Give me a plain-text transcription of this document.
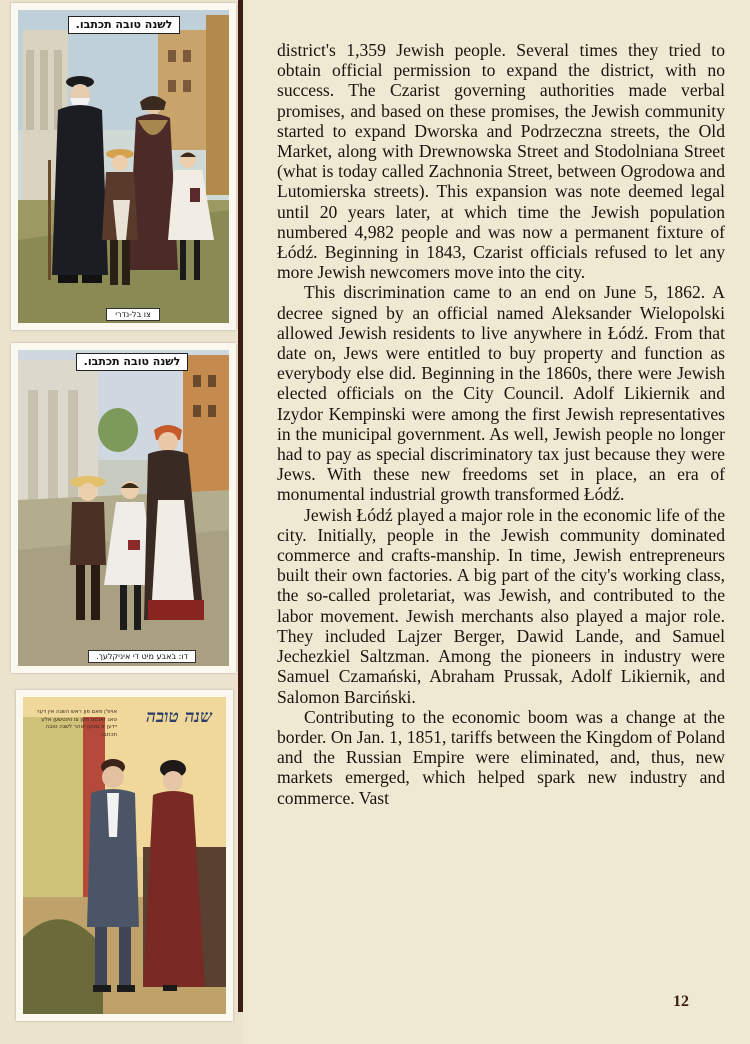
לשנה טובה תכתבו.
צו בל-נדרי
לשנה טובה תכתבו.
דו: באבע מיט די איניקלעך.
אויפ'ן פאם פון ראש השנה אין דער טאג זאגסט מען צו ווינטשען אלע יידען א גוטען יאהר לשנה טובה תכתבו
שנה טובה

district's 1,359 Jewish people. Several times they tried to obtain official permission to expand the district, with no success. The Czarist governing authorities made verbal promises, and based on these promises, the Jewish community started to expand Dworska and Podrzeczna streets, the Old Market, along with Drewnowska Street and Stodolniana Street (what is today called Zachnonia Street, between Ogrodowa and Lutomierska streets). This expansion was note deemed legal until 20 years later, at which time the Jewish population numbered 4,982 people and was now a permanent fixture of Łódź. Beginning in 1843, Czarist officials refused to let any more Jewish newcomers move into the city.

This discrimination came to an end on June 5, 1862. A decree signed by an official named Aleksander Wielopolski allowed Jewish residents to live anywhere in Łódź. From that date on, Jews were entitled to buy property and function as everybody else did. Beginning in the 1860s, there were Jewish elected officials on the City Council. Adolf Likiernik and Izydor Kempinski were among the first Jewish representatives in the municipal government. As well, Jewish people no longer had to pay as special discriminatory tax just because they were Jews. With these new freedoms set in place, an era of monumental industrial growth transformed Łódź.

Jewish Łódź played a major role in the economic life of the city. Initially, people in the Jewish community dominated commerce and crafts-manship. In time, Jewish entrepreneurs built their own factories. A big part of the city's working class, the so-called proletariat, was Jewish, and contributed to the labor movement. Jewish merchants also played a major role. They included Lajzer Berger, Dawid Lande, and Samuel Jechezkiel Saltzman. Among the pioneers in industry were Samuel Czamański, Abraham Prussak, Adolf Likiernik, and Salomon Barciński.

Contributing to the economic boom was a change at the border. On Jan. 1, 1851, tariffs between the Kingdom of Poland and the Russian Empire were eliminated, and, thus, new markets emerged, which helped spark new industry and commerce. Vast

12
